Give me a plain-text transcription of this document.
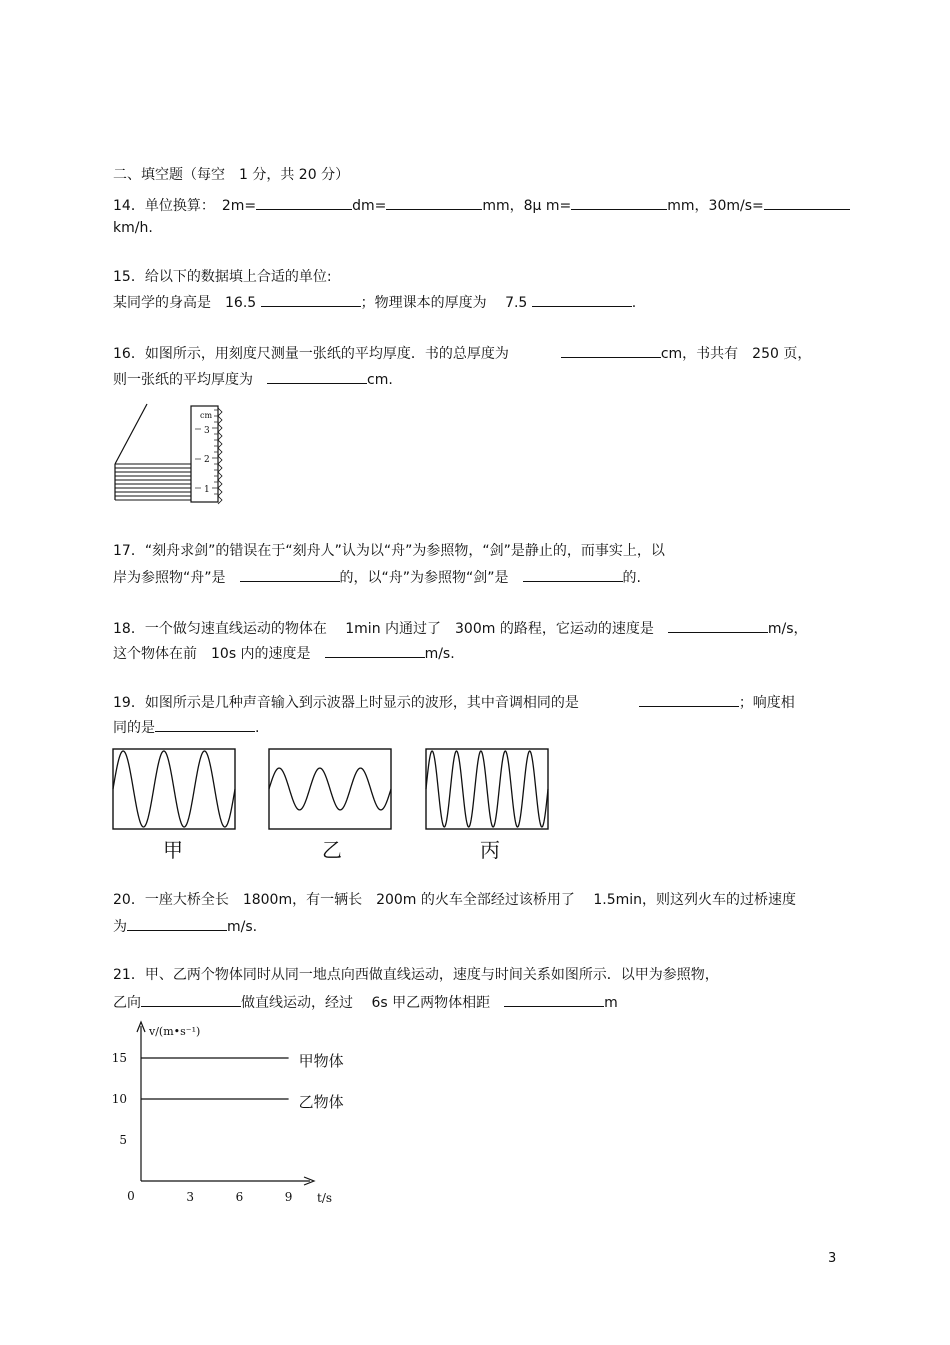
二、填空题（每空　1 分，共 20 分）
14．单位换算：　2m=	dm=	mm，8μ m=	mm，30m/s=
km/h.
15．给以下的数据填上合适的单位:
某同学的身高是　16.5	；物理课本的厚度为　 7.5	.
16．如图所示，用刻度尺测量一张纸的平均厚度．书的总厚度为	cm，书共有　250 页，
则一张纸的平均厚度为　	cm.
cm
3
2
1
17．“刻舟求剑”的错误在于“刻舟人”认为以“舟”为参照物，“剑”是静止的，而事实上，以
岸为参照物“舟”是　	的，以“舟”为参照物“剑”是　	的.
18．一个做匀速直线运动的物体在　 1min 内通过了　300m 的路程，它运动的速度是　	m/s，
这个物体在前　10s 内的速度是　	m/s.
19．如图所示是几种声音输入到示波器上时显示的波形，其中音调相同的是	；响度相
同的是	.
甲	乙	丙
20．一座大桥全长　1800m，有一辆长　200m 的火车全部经过该桥用了　 1.5min，则这列火车的过桥速度
为	m/s.
21．甲、乙两个物体同时从同一地点向西做直线运动，速度与时间关系如图所示．以甲为参照物，
乙向	做直线运动，经过　 6s 甲乙两物体相距　	m
v/(m•s⁻¹)
t/s
0	3	6	9
5
10
15	甲物体
乙物体
3
